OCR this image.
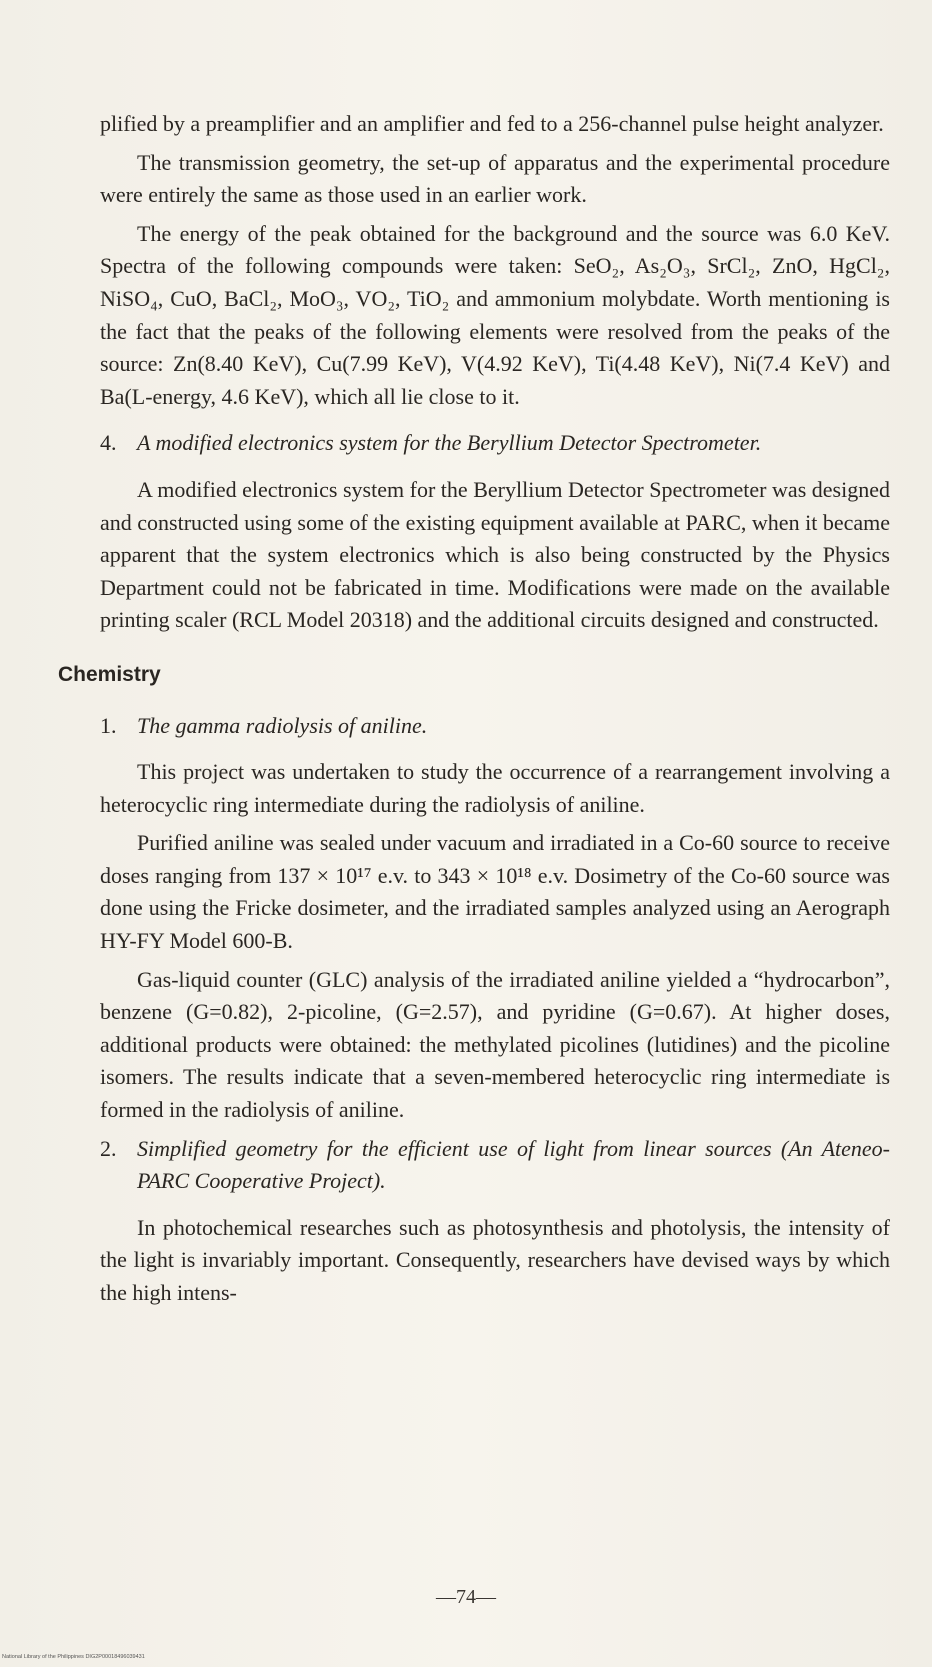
plified by a preamplifier and an amplifier and fed to a 256-channel pulse height analyzer.

The transmission geometry, the set-up of apparatus and the experimental procedure were entirely the same as those used in an earlier work.

The energy of the peak obtained for the background and the source was 6.0 KeV. Spectra of the following compounds were taken: SeO₂, As₂O₃, SrCl₂, ZnO, HgCl₂, NiSO₄, CuO, BaCl₂, MoO₃, VO₂, TiO₂ and ammonium molybdate. Worth mentioning is the fact that the peaks of the following elements were resolved from the peaks of the source: Zn(8.40 KeV), Cu(7.99 KeV), V(4.92 KeV), Ti(4.48 KeV), Ni(7.4 KeV) and Ba(L-energy, 4.6 KeV), which all lie close to it.

4. A modified electronics system for the Beryllium Detector Spectrometer.

A modified electronics system for the Beryllium Detector Spectrometer was designed and constructed using some of the existing equipment available at PARC, when it became apparent that the system electronics which is also being constructed by the Physics Department could not be fabricated in time. Modifications were made on the available printing scaler (RCL Model 20318) and the additional circuits designed and constructed.

Chemistry
1. The gamma radiolysis of aniline.

This project was undertaken to study the occurrence of a rearrangement involving a heterocyclic ring intermediate during the radiolysis of aniline.

Purified aniline was sealed under vacuum and irradiated in a Co-60 source to receive doses ranging from 137 × 10¹⁷ e.v. to 343 × 10¹⁸ e.v. Dosimetry of the Co-60 source was done using the Fricke dosimeter, and the irradiated samples analyzed using an Aerograph HY-FY Model 600-B.

Gas-liquid counter (GLC) analysis of the irradiated aniline yielded a “hydrocarbon”, benzene (G=0.82), 2-picoline, (G=2.57), and pyridine (G=0.67). At higher doses, additional products were obtained: the methylated picolines (lutidines) and the picoline isomers. The results indicate that a seven-membered heterocyclic ring intermediate is formed in the radiolysis of aniline.

2. Simplified geometry for the efficient use of light from linear sources (An Ateneo-PARC Cooperative Project).

In photochemical researches such as photosynthesis and photolysis, the intensity of the light is invariably important. Consequently, researchers have devised ways by which the high intens-

—74—
National Library of the Philippines DIG2P00018496039431
